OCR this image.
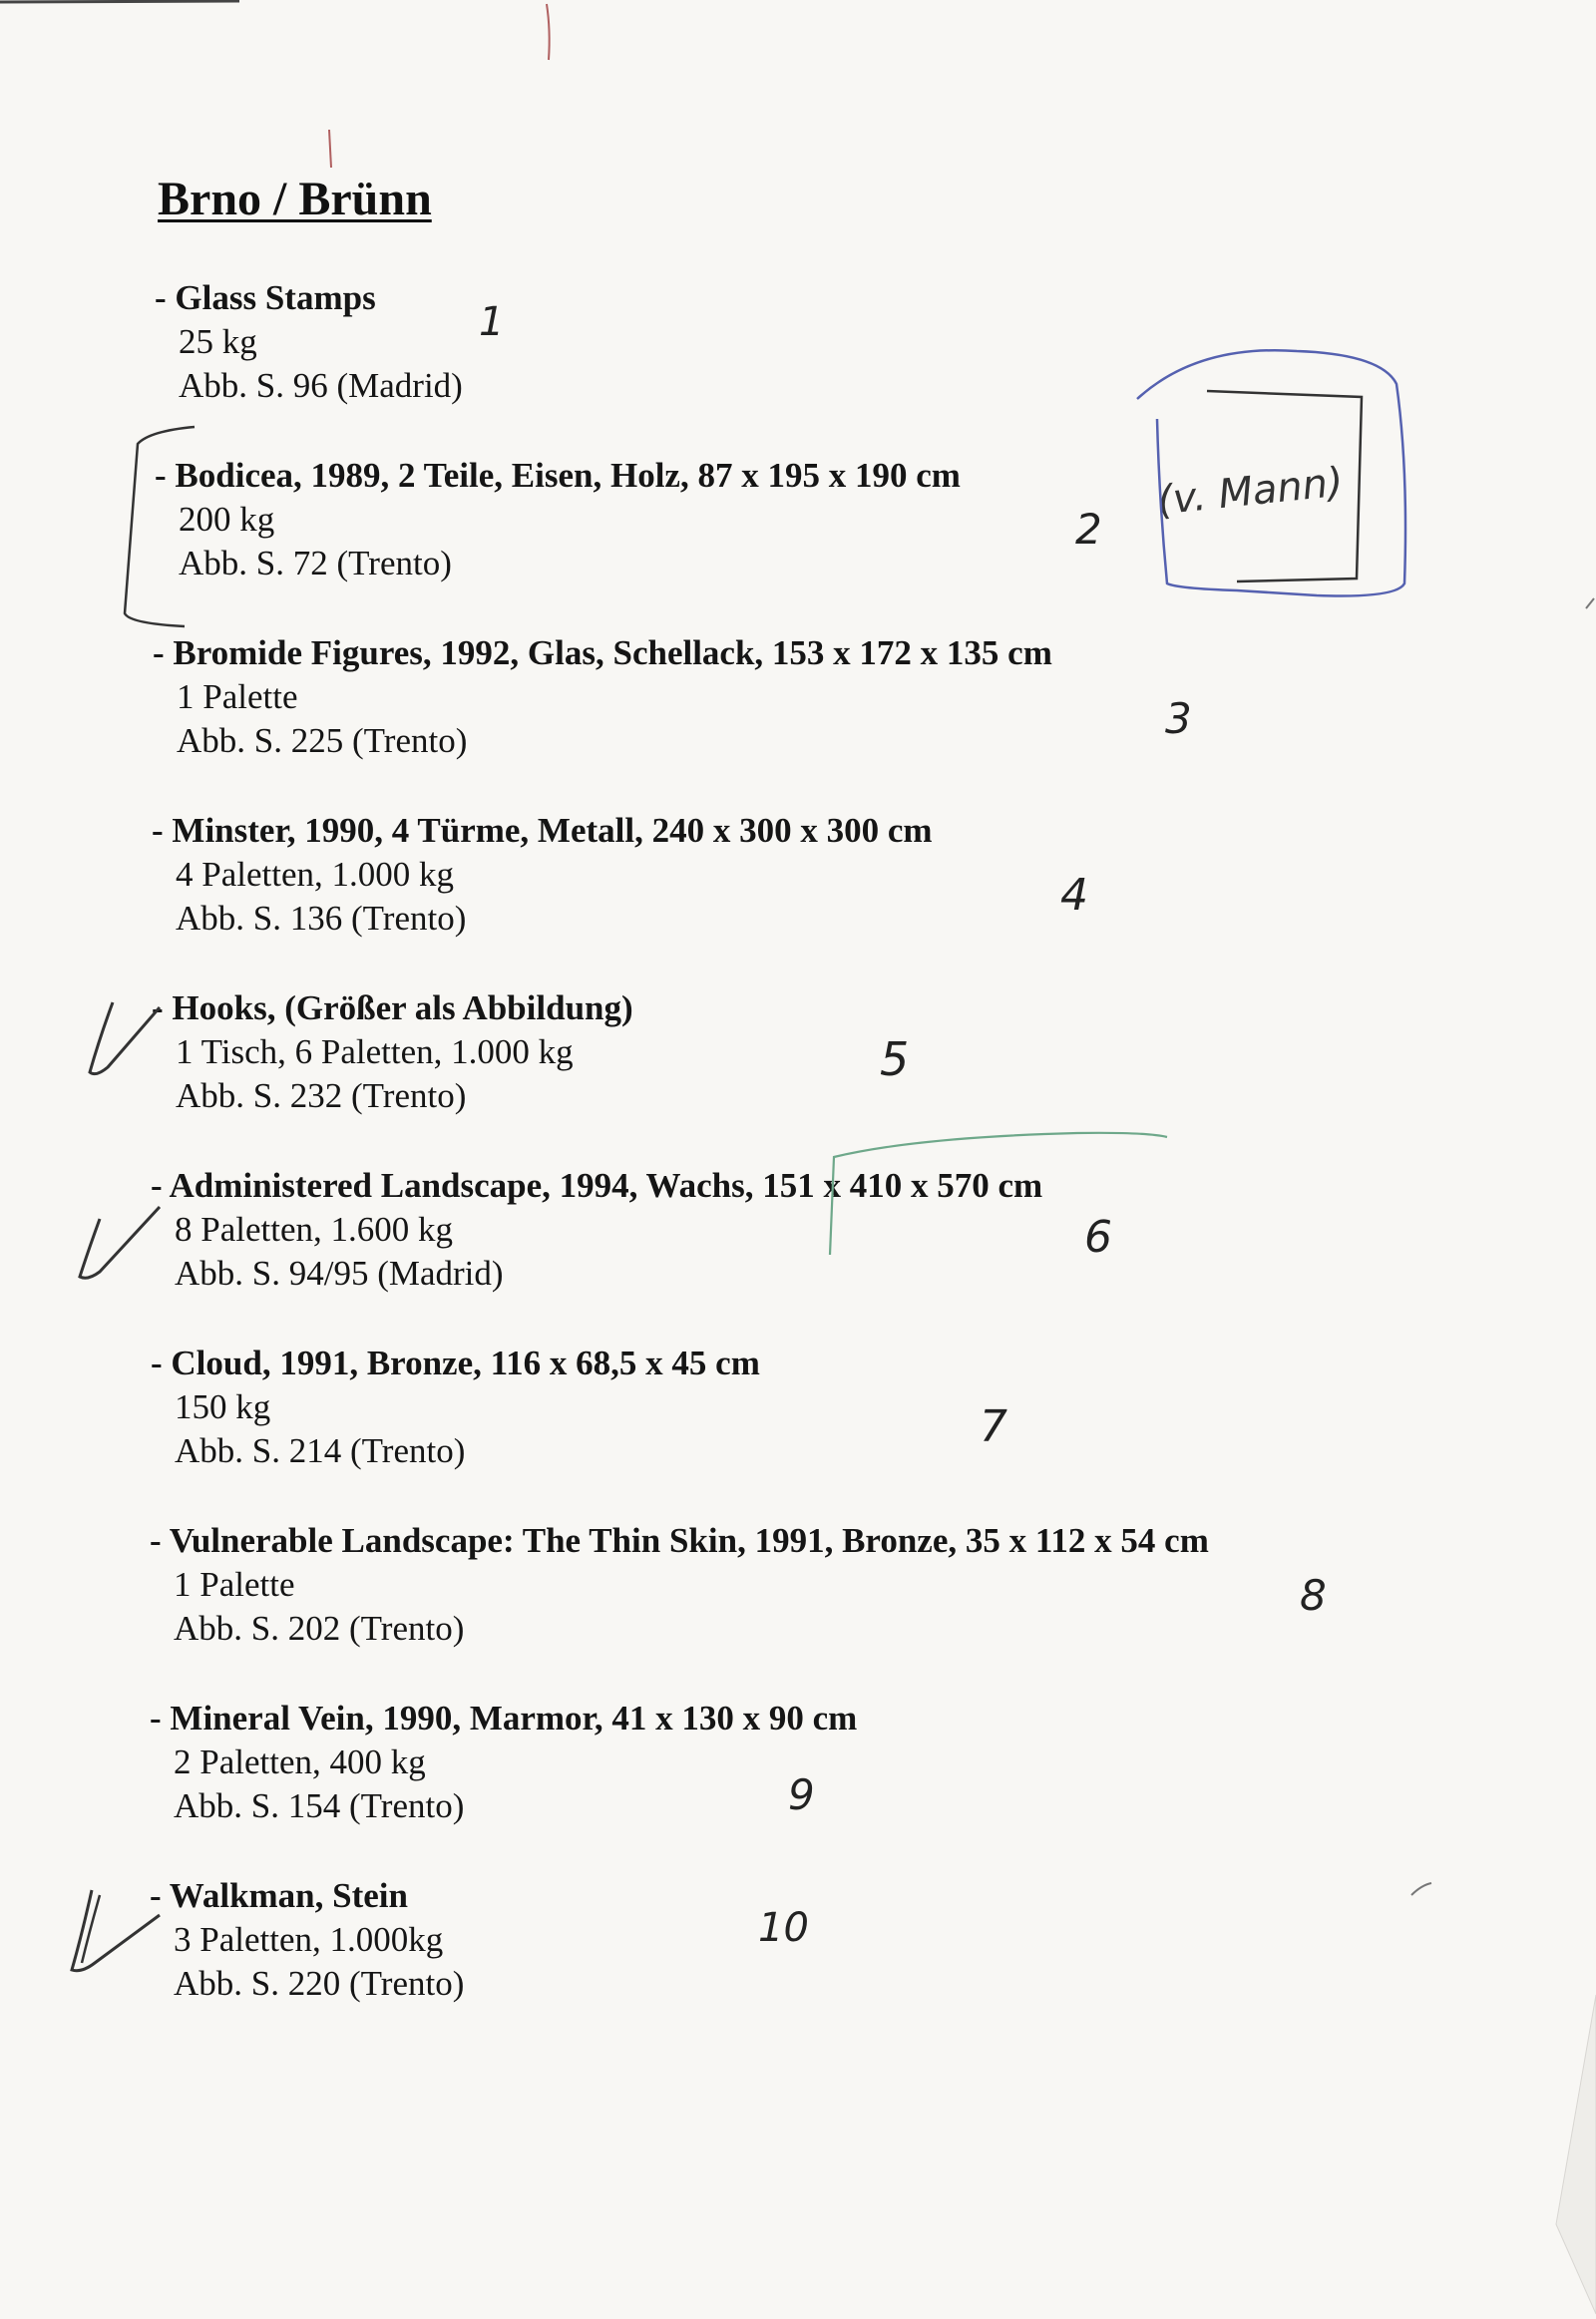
Brno / Brünn
- Glass Stamps
25 kg
Abb. S. 96 (Madrid)
- Bodicea, 1989, 2 Teile, Eisen, Holz, 87 x 195 x 190 cm
200 kg
Abb. S. 72 (Trento)
- Bromide Figures, 1992, Glas, Schellack, 153 x 172 x 135 cm
1 Palette
Abb. S. 225 (Trento)
- Minster, 1990, 4 Türme, Metall, 240 x 300 x 300 cm
4 Paletten, 1.000 kg
Abb. S. 136 (Trento)
- Hooks, (Größer als Abbildung)
1 Tisch, 6 Paletten, 1.000 kg
Abb. S. 232 (Trento)
- Administered Landscape, 1994, Wachs, 151 x 410 x 570 cm
8 Paletten, 1.600 kg
Abb. S. 94/95 (Madrid)
- Cloud, 1991, Bronze, 116 x 68,5 x 45 cm
150 kg
Abb. S. 214 (Trento)
- Vulnerable Landscape: The Thin Skin, 1991, Bronze, 35 x 112 x 54 cm
1 Palette
Abb. S. 202 (Trento)
- Mineral Vein, 1990, Marmor, 41 x 130 x 90 cm
2 Paletten, 400 kg
Abb. S. 154 (Trento)
- Walkman, Stein
3 Paletten, 1.000kg
Abb. S. 220 (Trento)
1
2
3
4
5
6
7
8
9
10
(v. Mann)
